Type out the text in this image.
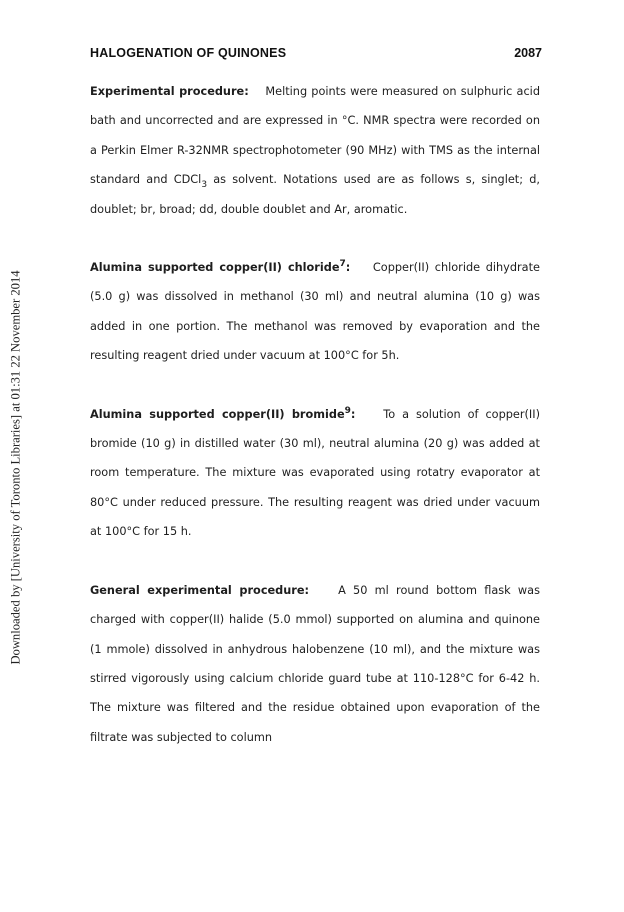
Downloaded by [University of Toronto Libraries] at 01:31 22 November 2014
HALOGENATION OF QUINONES	2087

Experimental procedure: Melting points were measured on sulphuric acid bath and uncorrected and are expressed in °C. NMR spectra were recorded on a Perkin Elmer R-32NMR spectrophotometer (90 MHz) with TMS as the internal standard and CDCl$_3$ as solvent. Notations used are as follows s, singlet; d, doublet; br, broad; dd, double doublet and Ar, aromatic.

Alumina supported copper(II) chloride$^7$: Copper(II) chloride dihydrate (5.0 g) was dissolved in methanol (30 ml) and neutral alumina (10 g) was added in one portion. The methanol was removed by evaporation and the resulting reagent dried under vacuum at 100°C for 5h.

Alumina supported copper(II) bromide$^9$: To a solution of copper(II) bromide (10 g) in distilled water (30 ml), neutral alumina (20 g) was added at room temperature. The mixture was evaporated using rotatry evaporator at 80°C under reduced pressure. The resulting reagent was dried under vacuum at 100°C for 15 h.

General experimental procedure:	A 50 ml round bottom flask was charged with copper(II) halide (5.0 mmol) supported on alumina and quinone (1 mmole) dissolved in anhydrous halobenzene (10 ml), and the mixture was stirred vigorously using calcium chloride guard tube at 110-128°C for 6-42 h. The mixture was filtered and the residue obtained upon evaporation of the filtrate was subjected to column
